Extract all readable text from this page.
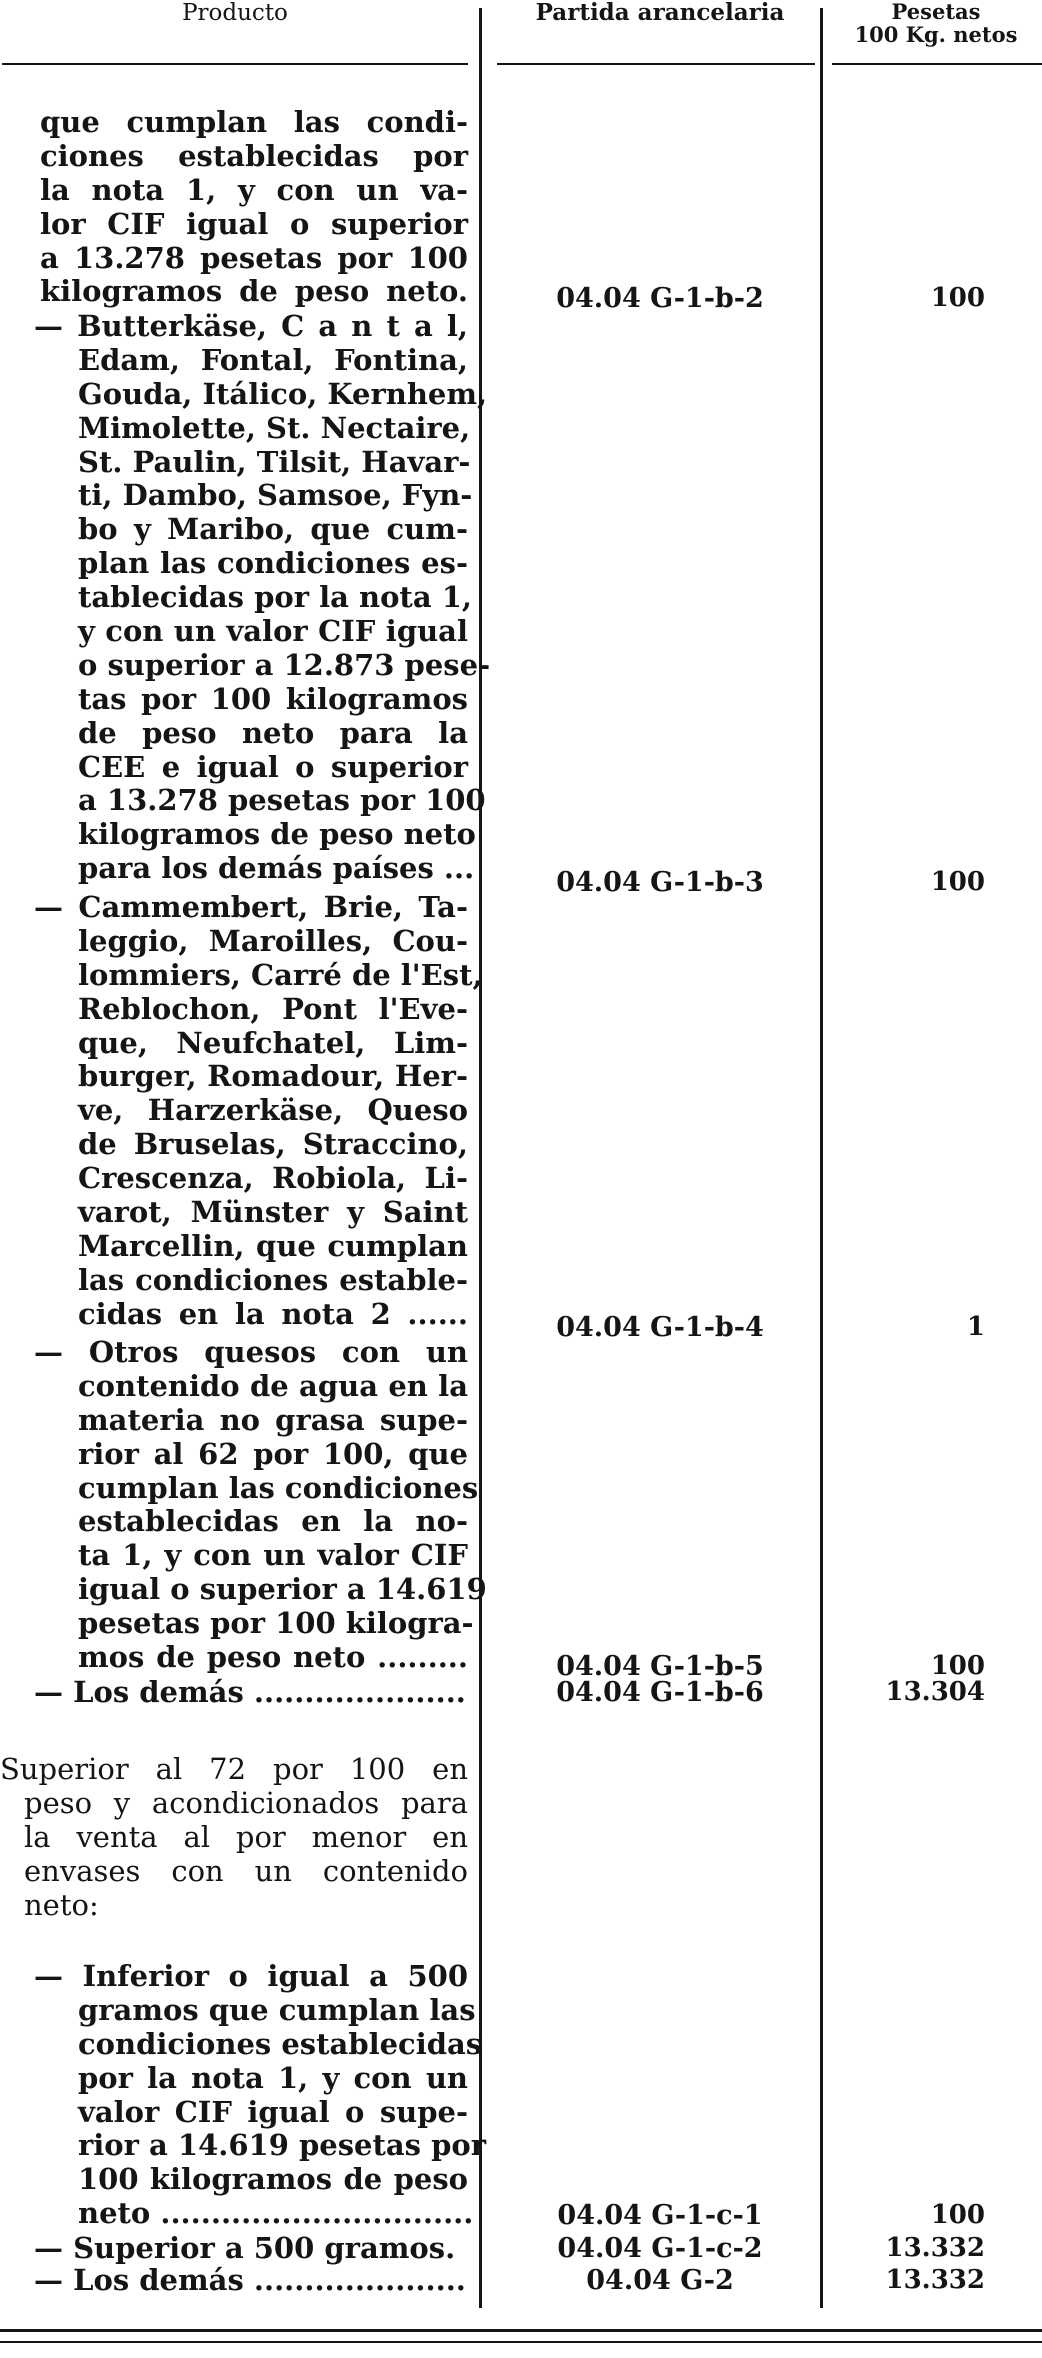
Producto	Partida arancelaria	Pesetas
100 Kg. netos
que cumplan las condi-
ciones establecidas por
la nota 1, y con un va-
lor CIF igual o superior
a 13.278 pesetas por 100
kilogramos de peso neto.	04.04 G-1-b-2	100
— Butterkäse, C a n t a l,
Edam, Fontal, Fontina,
Gouda, Itálico, Kernhem,
Mimolette, St. Nectaire,
St. Paulin, Tilsit, Havar-
ti, Dambo, Samsoe, Fyn-
bo y Maribo, que cum-
plan las condiciones es-
tablecidas por la nota 1,
y con un valor CIF igual
o superior a 12.873 pese-
tas por 100 kilogramos
de peso neto para la
CEE e igual o superior
a 13.278 pesetas por 100
kilogramos de peso neto
para los demás países ...	04.04 G-1-b-3	100
— Cammembert, Brie, Ta-
leggio, Maroilles, Cou-
lommiers, Carré de l'Est,
Reblochon, Pont l'Eve-
que, Neufchatel, Lim-
burger, Romadour, Her-
ve, Harzerkäse, Queso
de Bruselas, Straccino,
Crescenza, Robiola, Li-
varot, Münster y Saint
Marcellin, que cumplan
las condiciones estable-
cidas en la nota 2 ......	04.04 G-1-b-4	1
— Otros quesos con un
contenido de agua en la
materia no grasa supe-
rior al 62 por 100, que
cumplan las condiciones
establecidas en la no-
ta 1, y con un valor CIF
igual o superior a 14.619
pesetas por 100 kilogra-
mos de peso neto .........	04.04 G-1-b-5	100
— Los demás .....................	04.04 G-1-b-6	13.304
Superior al 72 por 100 en
peso y acondicionados para
la venta al por menor en
envases con un contenido
neto:
— Inferior o igual a 500
gramos que cumplan las
condiciones establecidas
por la nota 1, y con un
valor CIF igual o supe-
rior a 14.619 pesetas por
100 kilogramos de peso
neto ...............................	04.04 G-1-c-1	100
— Superior a 500 gramos.	04.04 G-1-c-2	13.332
— Los demás .....................	04.04 G-2	13.332
